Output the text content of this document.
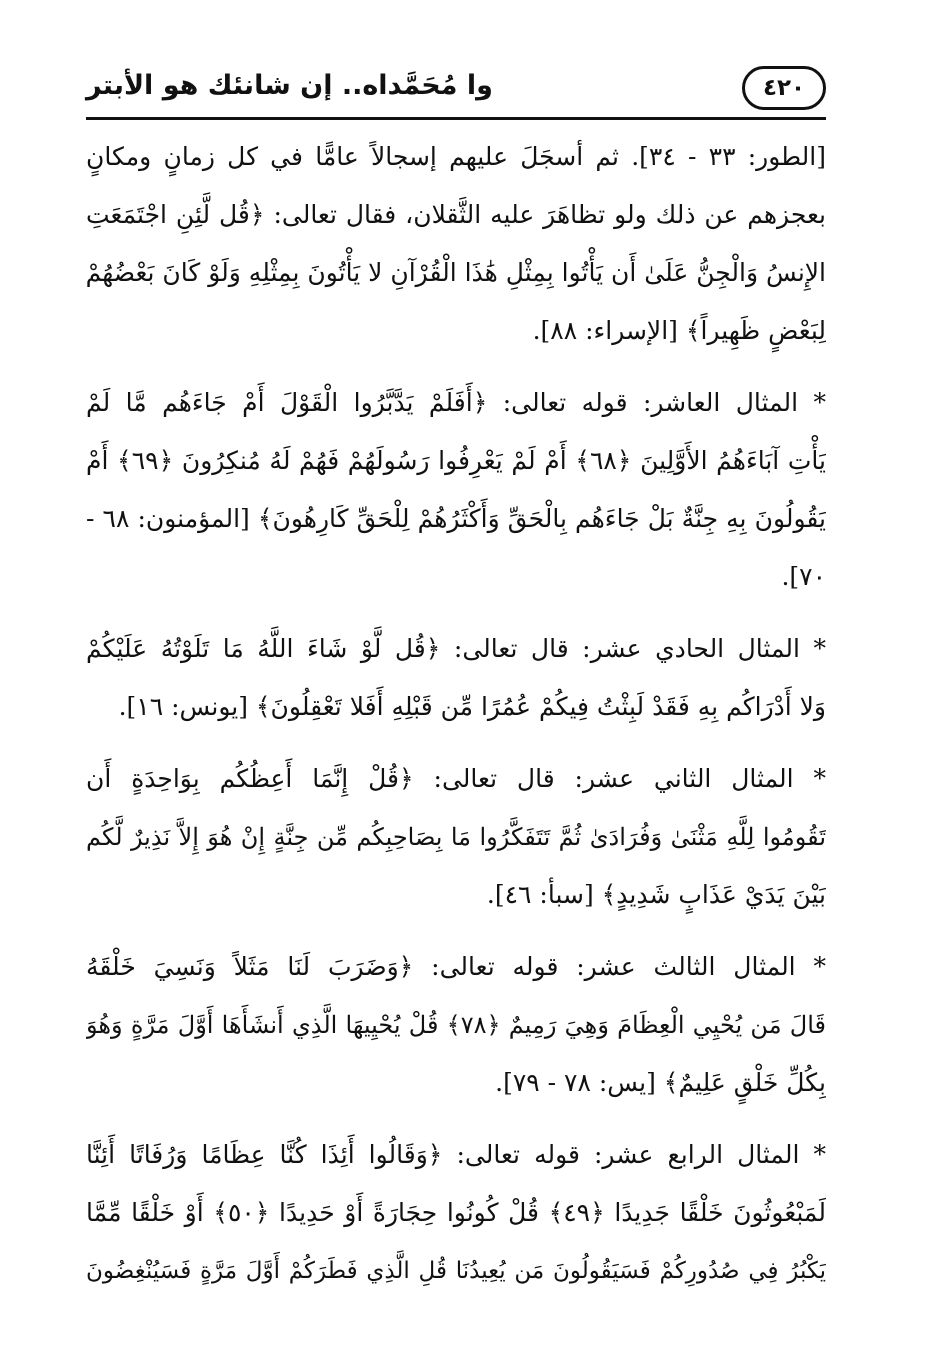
وا مُحَمَّداه.. إن شانئك هو الأبتر	٤٢٠
[الطور: ٣٣ - ٣٤]. ثم أسجَلَ عليهم إسجالاً عامًّا في كل زمانٍ ومكانٍ
بعجزهم عن ذلك ولو تظاهَرَ عليه الثَّقلان، فقال تعالى: ﴿قُل لَّئِنِ اجْتَمَعَتِ
الإِنسُ وَالْجِنُّ عَلَىٰ أَن يَأْتُوا بِمِثْلِ هَٰذَا الْقُرْآنِ لا يَأْتُونَ بِمِثْلِهِ وَلَوْ كَانَ بَعْضُهُمْ
لِبَعْضٍ ظَهِيراً﴾ [الإسراء: ٨٨].
* المثال العاشر: قوله تعالى: ﴿أَفَلَمْ يَدَّبَّرُوا الْقَوْلَ أَمْ جَاءَهُم مَّا لَمْ
يَأْتِ آبَاءَهُمُ الأَوَّلِينَ ﴿٦٨﴾ أَمْ لَمْ يَعْرِفُوا رَسُولَهُمْ فَهُمْ لَهُ مُنكِرُونَ ﴿٦٩﴾ أَمْ
يَقُولُونَ بِهِ جِنَّةٌ بَلْ جَاءَهُم بِالْحَقِّ وَأَكْثَرُهُمْ لِلْحَقِّ كَارِهُونَ﴾ [المؤمنون: ٦٨ -
٧٠].
* المثال الحادي عشر: قال تعالى: ﴿قُل لَّوْ شَاءَ اللَّهُ مَا تَلَوْتُهُ عَلَيْكُمْ
وَلا أَدْرَاكُم بِهِ فَقَدْ لَبِثْتُ فِيكُمْ عُمُرًا مِّن قَبْلِهِ أَفَلا تَعْقِلُونَ﴾ [يونس: ١٦].
* المثال الثاني عشر: قال تعالى: ﴿قُلْ إِنَّمَا أَعِظُكُم بِوَاحِدَةٍ أَن
تَقُومُوا لِلَّهِ مَثْنَىٰ وَفُرَادَىٰ ثُمَّ تَتَفَكَّرُوا مَا بِصَاحِبِكُم مِّن جِنَّةٍ إِنْ هُوَ إِلاَّ نَذِيرٌ لَّكُم
بَيْنَ يَدَيْ عَذَابٍ شَدِيدٍ﴾ [سبأ: ٤٦].
* المثال الثالث عشر: قوله تعالى: ﴿وَضَرَبَ لَنَا مَثَلاً وَنَسِيَ خَلْقَهُ
قَالَ مَن يُحْيِي الْعِظَامَ وَهِيَ رَمِيمٌ ﴿٧٨﴾ قُلْ يُحْيِيهَا الَّذِي أَنشَأَهَا أَوَّلَ مَرَّةٍ وَهُوَ
بِكُلِّ خَلْقٍ عَلِيمٌ﴾ [يس: ٧٨ - ٧٩].
* المثال الرابع عشر: قوله تعالى: ﴿وَقَالُوا أَئِذَا كُنَّا عِظَامًا وَرُفَاتًا أَئِنَّا
لَمَبْعُوثُونَ خَلْقًا جَدِيدًا ﴿٤٩﴾ قُلْ كُونُوا حِجَارَةً أَوْ حَدِيدًا ﴿٥٠﴾ أَوْ خَلْقًا مِّمَّا
يَكْبُرُ فِي صُدُورِكُمْ فَسَيَقُولُونَ مَن يُعِيدُنَا قُلِ الَّذِي فَطَرَكُمْ أَوَّلَ مَرَّةٍ فَسَيُنْغِضُونَ
